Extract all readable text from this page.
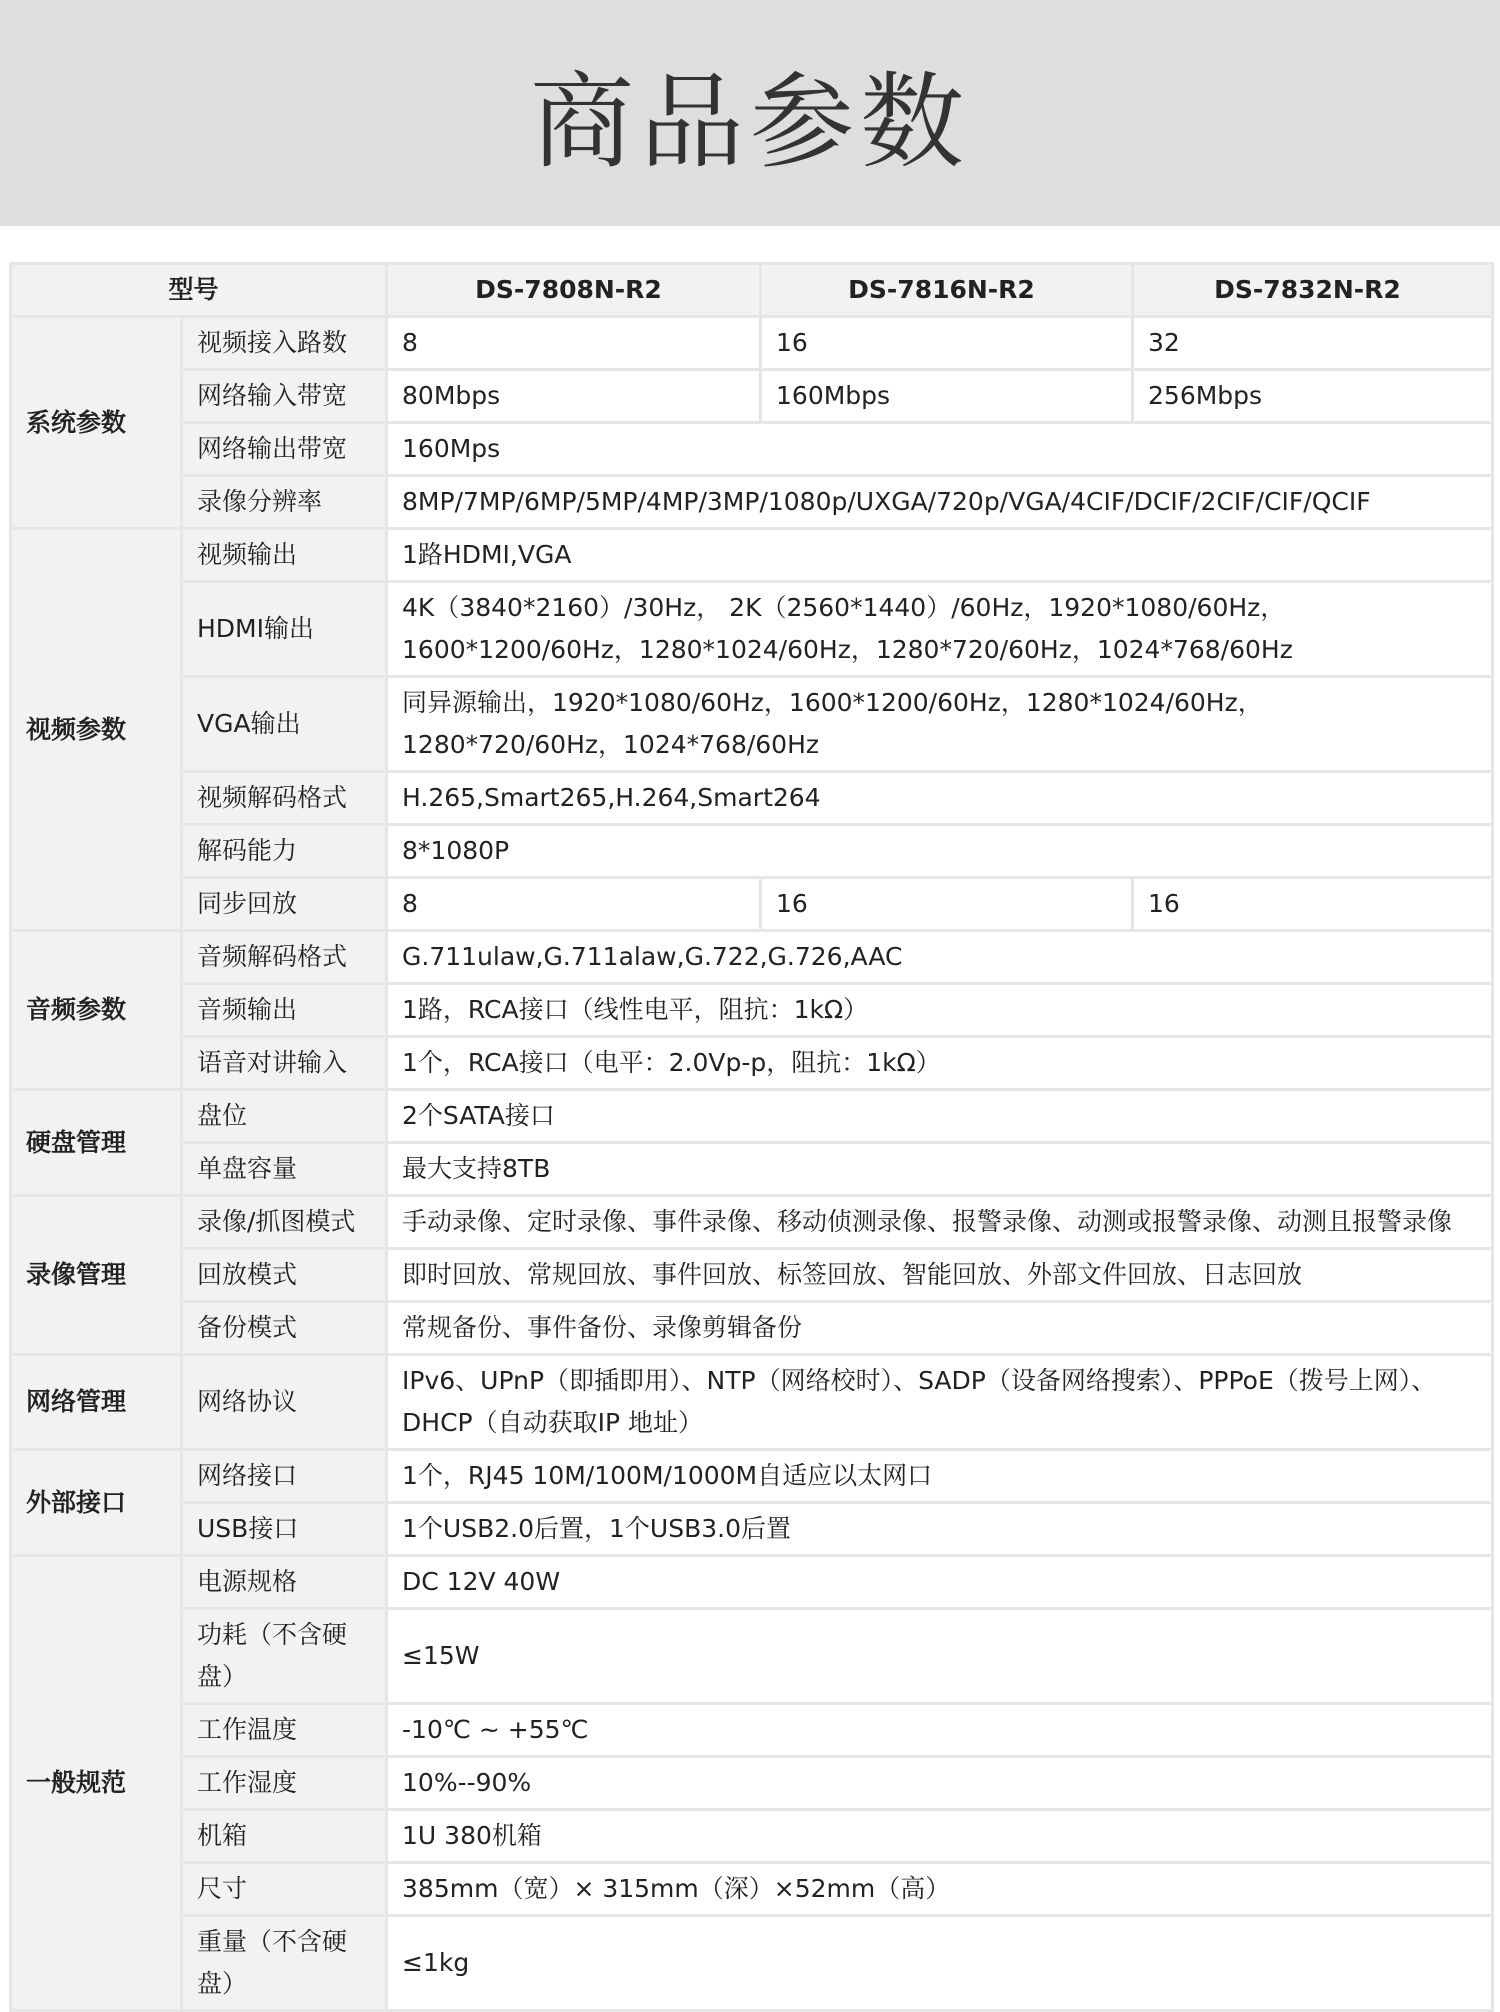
商品参数
型号		DS-7808N-R2	DS-7816N-R2	DS-7832N-R2
系统参数	视频接入路数	8	16	32
	网络输入带宽	80Mbps	160Mbps	256Mbps
	网络输出带宽	160Mps		
	录像分辨率	8MP/7MP/6MP/5MP/4MP/3MP/1080p/UXGA/720p/VGA/4CIF/DCIF/2CIF/CIF/QCIF		
视频参数	视频输出	1路HDMI,VGA		
	HDMI输出	4K（3840*2160）/30Hz， 2K（2560*1440）/60Hz，1920*1080/60Hz，1600*1200/60Hz，1280*1024/60Hz，1280*720/60Hz，1024*768/60Hz		
	VGA输出	同异源输出，1920*1080/60Hz，1600*1200/60Hz，1280*1024/60Hz，1280*720/60Hz，1024*768/60Hz		
	视频解码格式	H.265,Smart265,H.264,Smart264		
	解码能力	8*1080P		
	同步回放	8	16	16
音频参数	音频解码格式	G.711ulaw,G.711alaw,G.722,G.726,AAC		
	音频输出	1路，RCA接口（线性电平，阻抗：1kΩ）		
	语音对讲输入	1个，RCA接口（电平：2.0Vp-p，阻抗：1kΩ）		
硬盘管理	盘位	2个SATA接口		
	单盘容量	最大支持8TB		
录像管理	录像/抓图模式	手动录像、定时录像、事件录像、移动侦测录像、报警录像、动测或报警录像、动测且报警录像		
	回放模式	即时回放、常规回放、事件回放、标签回放、智能回放、外部文件回放、日志回放		
	备份模式	常规备份、事件备份、录像剪辑备份		
网络管理	网络协议	IPv6、UPnP（即插即用）、NTP（网络校时）、SADP（设备网络搜索）、PPPoE（拨号上网）、DHCP（自动获取IP 地址）		
外部接口	网络接口	1个，RJ45 10M/100M/1000M自适应以太网口		
	USB接口	1个USB2.0后置，1个USB3.0后置		
一般规范	电源规格	DC 12V 40W		
	功耗（不含硬盘）	≤15W		
	工作温度	-10℃ ~ +55℃		
	工作湿度	10%--90%		
	机箱	1U 380机箱		
	尺寸	385mm（宽）× 315mm（深）×52mm（高）		
	重量（不含硬盘）	≤1kg		
